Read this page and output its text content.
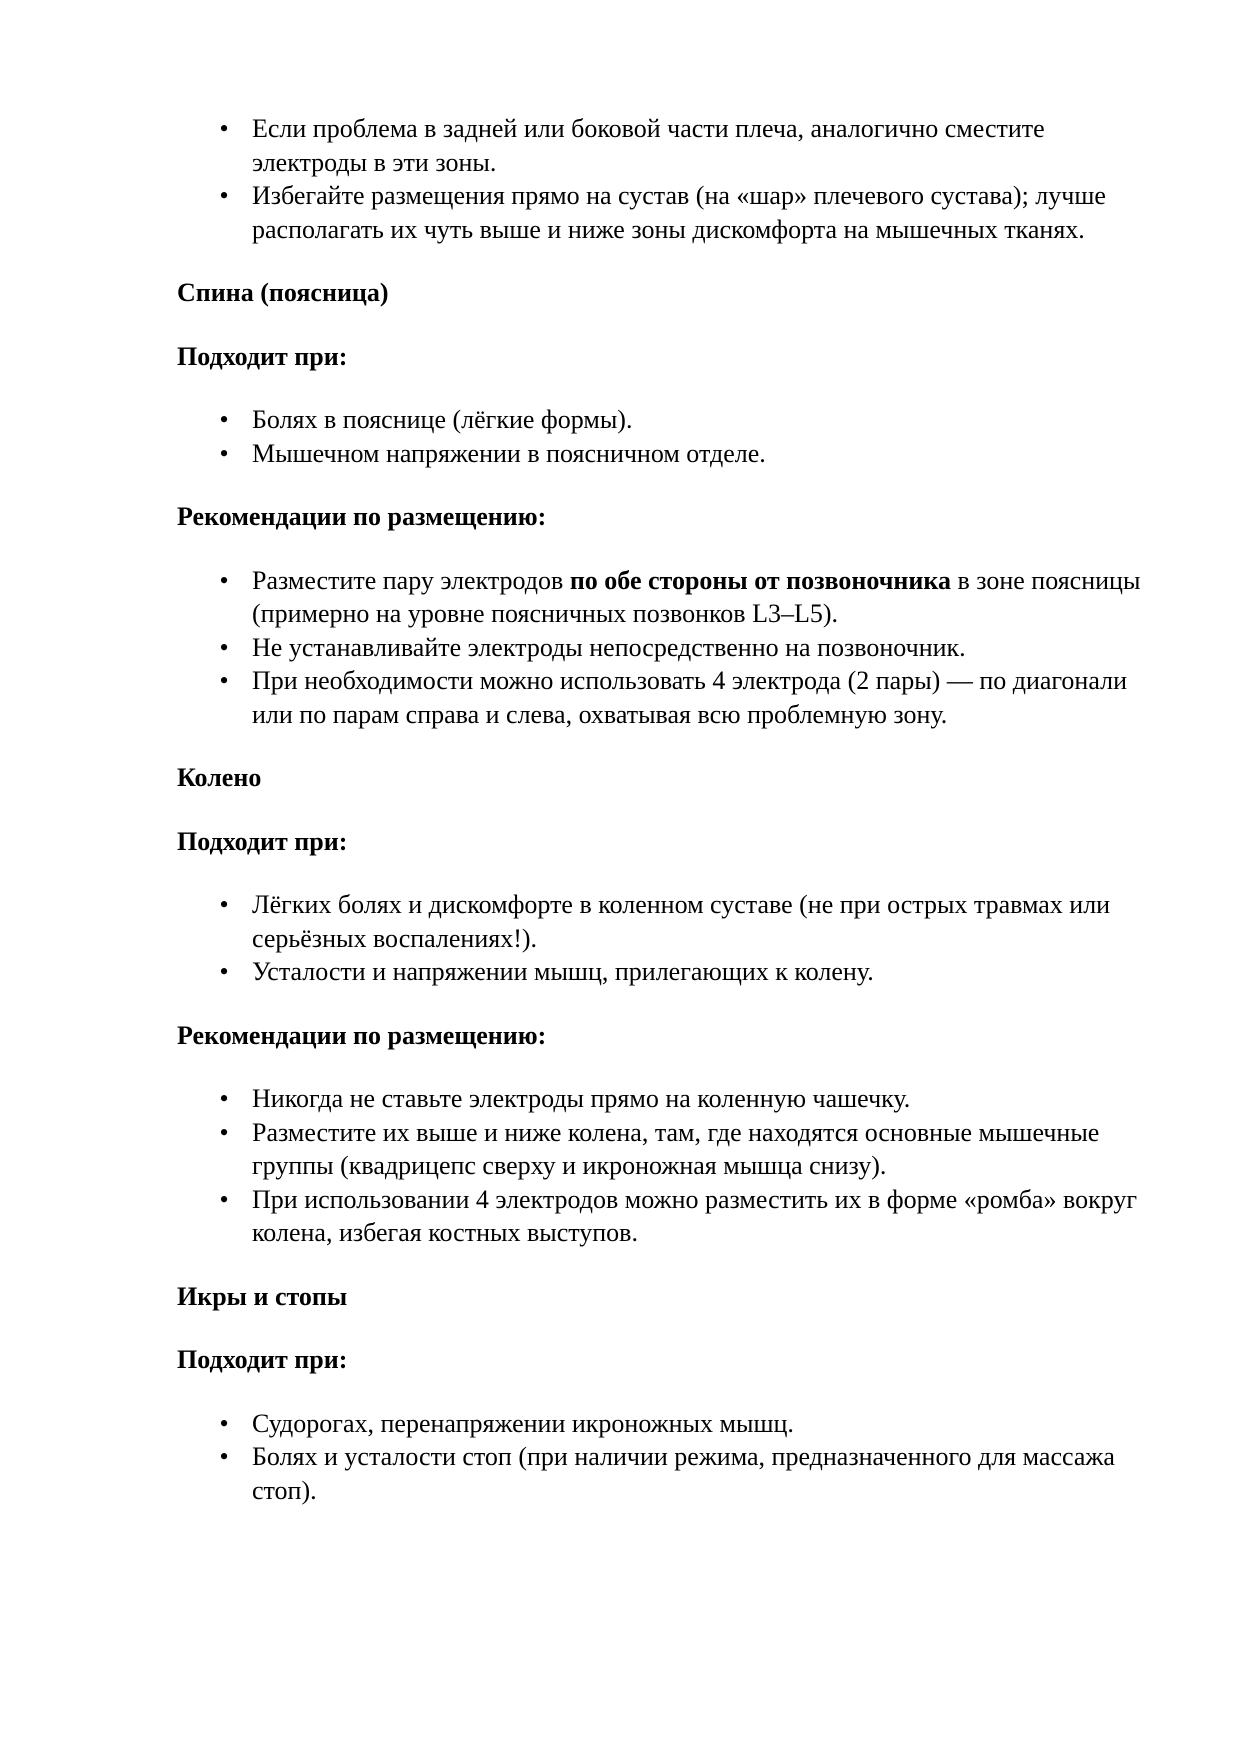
• Если проблема в задней или боковой части плеча, аналогично сместите электроды в эти зоны.
• Избегайте размещения прямо на сустав (на «шар» плечевого сустава); лучше располагать их чуть выше и ниже зоны дискомфорта на мышечных тканях.
Спина (поясница)
Подходит при:
• Болях в пояснице (лёгкие формы).
• Мышечном напряжении в поясничном отделе.
Рекомендации по размещению:
• Разместите пару электродов по обе стороны от позвоночника в зоне поясницы (примерно на уровне поясничных позвонков L3–L5).
• Не устанавливайте электроды непосредственно на позвоночник.
• При необходимости можно использовать 4 электрода (2 пары) — по диагонали или по парам справа и слева, охватывая всю проблемную зону.
Колено
Подходит при:
• Лёгких болях и дискомфорте в коленном суставе (не при острых травмах или серьёзных воспалениях!).
• Усталости и напряжении мышц, прилегающих к колену.
Рекомендации по размещению:
• Никогда не ставьте электроды прямо на коленную чашечку.
• Разместите их выше и ниже колена, там, где находятся основные мышечные группы (квадрицепс сверху и икроножная мышца снизу).
• При использовании 4 электродов можно разместить их в форме «ромба» вокруг колена, избегая костных выступов.
Икры и стопы
Подходит при:
• Судорогах, перенапряжении икроножных мышц.
• Болях и усталости стоп (при наличии режима, предназначенного для массажа стоп).
